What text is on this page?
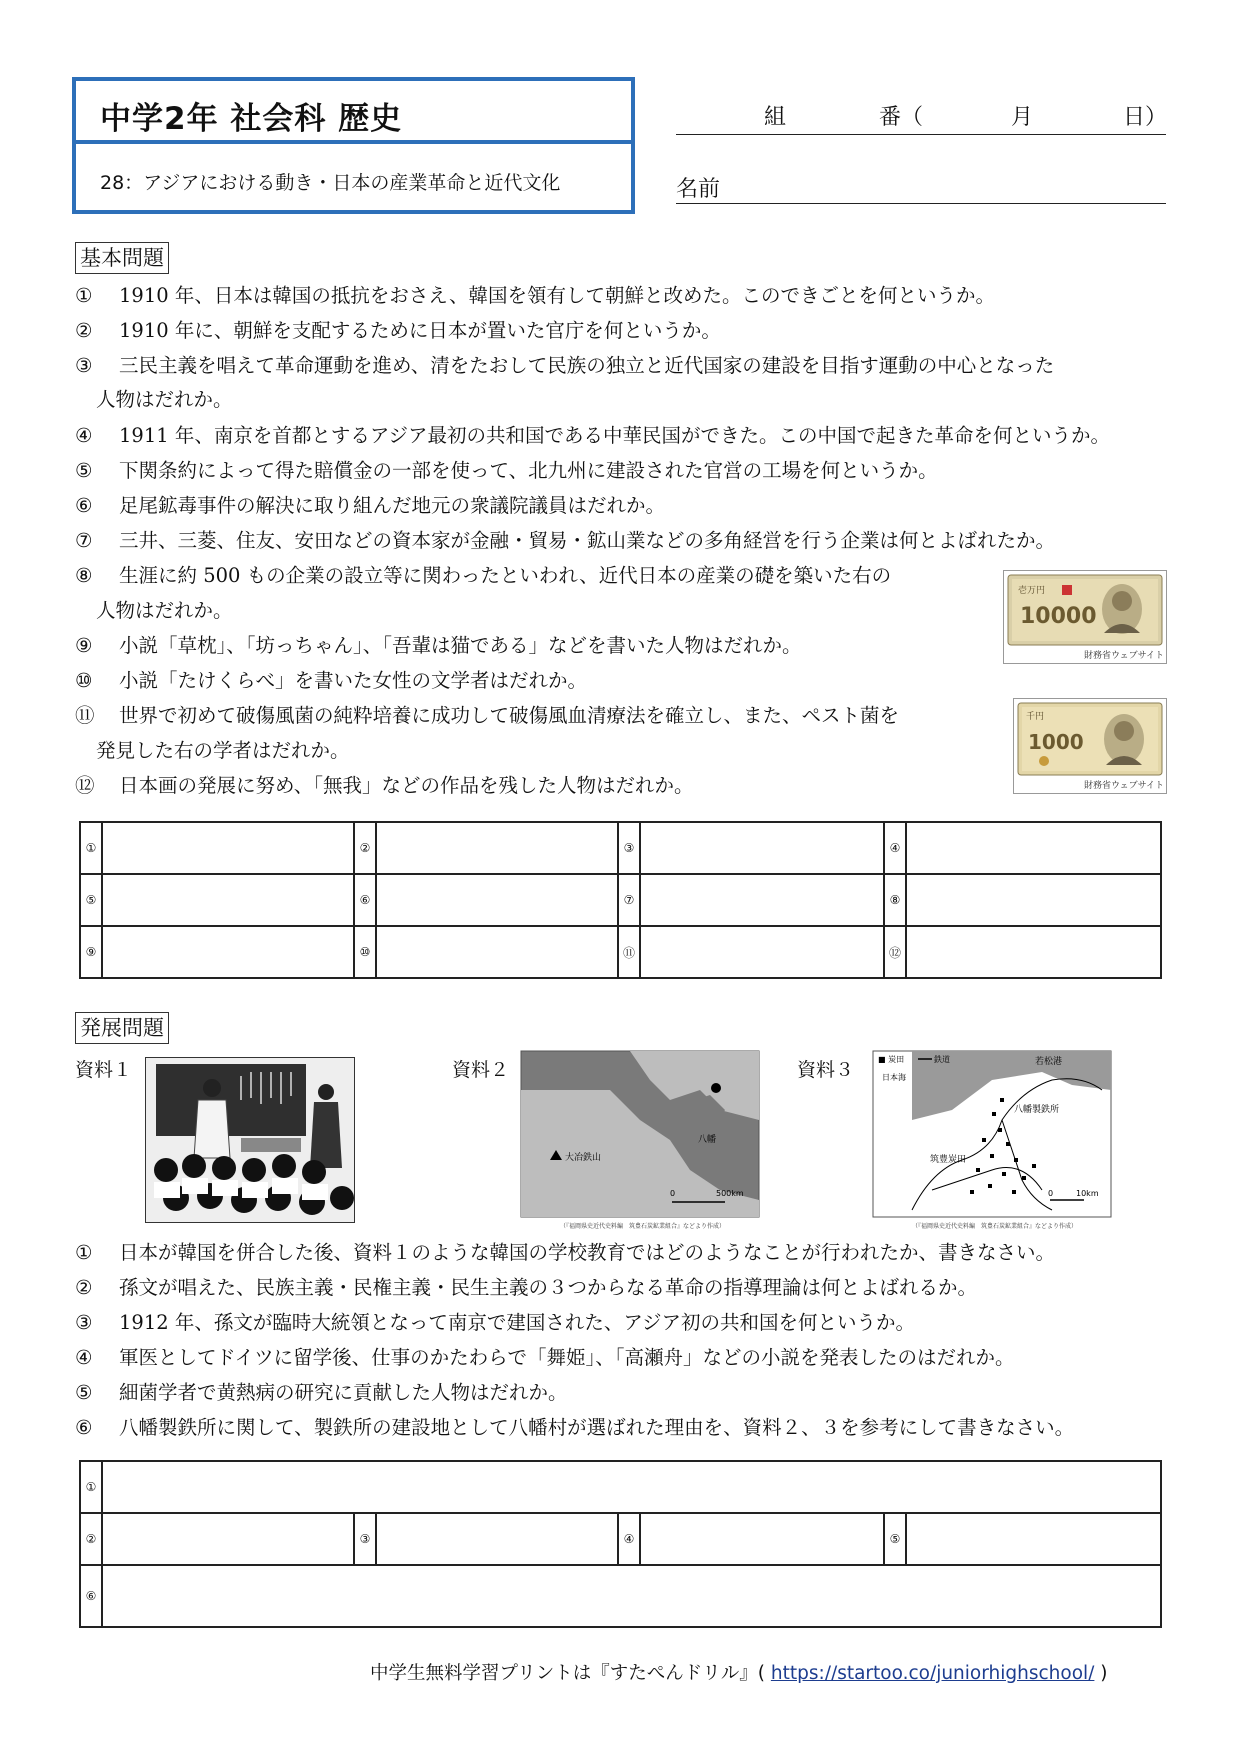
中学2年 社会科 歴史
28：アジアにおける動き・日本の産業革命と近代文化
組	番（	月	日）
名前
基本問題
① 1910 年、日本は韓国の抵抗をおさえ、韓国を領有して朝鮮と改めた。このできごとを何というか。
② 1910 年に、朝鮮を支配するために日本が置いた官庁を何というか。
③ 三民主義を唱えて革命運動を進め、清をたおして民族の独立と近代国家の建設を目指す運動の中心となった
人物はだれか。
④ 1911 年、南京を首都とするアジア最初の共和国である中華民国ができた。この中国で起きた革命を何というか。
⑤ 下関条約によって得た賠償金の一部を使って、北九州に建設された官営の工場を何というか。
⑥ 足尾鉱毒事件の解決に取り組んだ地元の衆議院議員はだれか。
⑦ 三井、三菱、住友、安田などの資本家が金融・貿易・鉱山業などの多角経営を行う企業は何とよばれたか。
⑧ 生涯に約 500 もの企業の設立等に関わったといわれ、近代日本の産業の礎を築いた右の
人物はだれか。
⑨ 小説「草枕」、「坊っちゃん」、「吾輩は猫である」などを書いた人物はだれか。
⑩ 小説「たけくらべ」を書いた女性の文学者はだれか。
⑪ 世界で初めて破傷風菌の純粋培養に成功して破傷風血清療法を確立し、また、ペスト菌を
発見した右の学者はだれか。
⑫ 日本画の発展に努め、「無我」などの作品を残した人物はだれか。
壱万円
10000
財務省ウェブサイト
千円
1000
財務省ウェブサイト
①		②		③		④	
⑤		⑥		⑦		⑧	
⑨		⑩		⑪		⑫	
発展問題
資料１	資料２	資料３
八幡
大冶鉄山
0	500km
（『福岡県史近代史料編　筑豊石炭鉱業組合』などより作成）
■ 炭田	鉄道	若松港
日本海
八幡製鉄所
筑豊炭田
0	10km
（『福岡県史近代史料編　筑豊石炭鉱業組合』などより作成）
① 日本が韓国を併合した後、資料１のような韓国の学校教育ではどのようなことが行われたか、書きなさい。
② 孫文が唱えた、民族主義・民権主義・民生主義の３つからなる革命の指導理論は何とよばれるか。
③ 1912 年、孫文が臨時大統領となって南京で建国された、アジア初の共和国を何というか。
④ 軍医としてドイツに留学後、仕事のかたわらで「舞姫」、「高瀬舟」などの小説を発表したのはだれか。
⑤ 細菌学者で黄熱病の研究に貢献した人物はだれか。
⑥ 八幡製鉄所に関して、製鉄所の建設地として八幡村が選ばれた理由を、資料２、３を参考にして書きなさい。
①							
②		③		④		⑤	
⑥							
中学生無料学習プリントは『すたぺんドリル』( https://startoo.co/juniorhighschool/ )
